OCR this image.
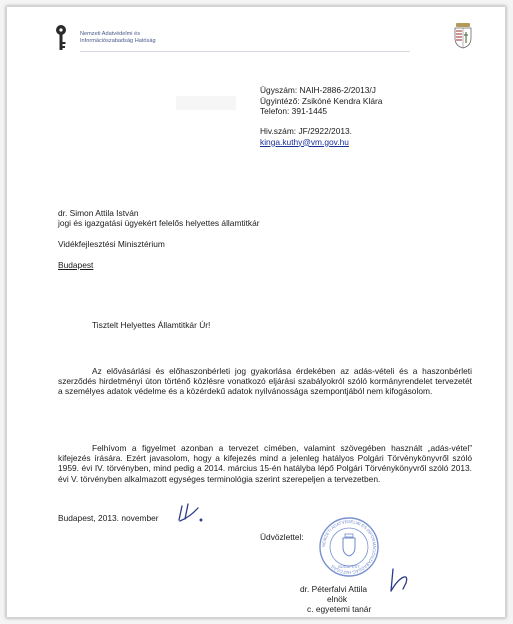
Nemzeti Adatvédelmi és
Információszabadság Hatóság
Ügyszám: NAIH-2886-2/2013/J
Ügyintéző: Zsikóné Kendra Klára
Telefon: 391-1445
Hiv.szám: JF/2922/2013.
kinga.kuthy@vm.gov.hu
dr. Simon Attila István
jogi és igazgatási ügyekért felelős helyettes államtitkár
Vidékfejlesztési Minisztérium
Budapest
Tisztelt Helyettes Államtitkár Úr!
Az elővásárlási és előhaszonbérleti jog gyakorlása érdekében az adás-vételi és a haszonbérleti szerződés hirdetményi úton történő közlésre vonatkozó eljárási szabályokról szóló kormányrendelet tervezetét a személyes adatok védelme és a közérdekű adatok nyilvánossága szempontjából nem kifogásolom.
Felhívom a figyelmet azonban a tervezet címében, valamint szövegében használt „adás-vétel” kifejezés írására. Ezért javasolom, hogy a kifejezés mind a jelenleg hatályos Polgári Törvénykönyvről szóló 1959. évi IV. törvényben, mind pedig a 2014. március 15-én hatályba lépő Polgári Törvénykönyvről szóló 2013. évi V. törvényben alkalmazott egységes terminológia szerint szerepeljen a tervezetben.
Budapest, 2013. november
Üdvözlettel:
NEMZETI ADATVÉDELMI ÉS INFORMÁCIÓSZABADSÁG HATÓSÁG BUDAPEST
dr. Péterfalvi Attila
elnök
c. egyetemi tanár
